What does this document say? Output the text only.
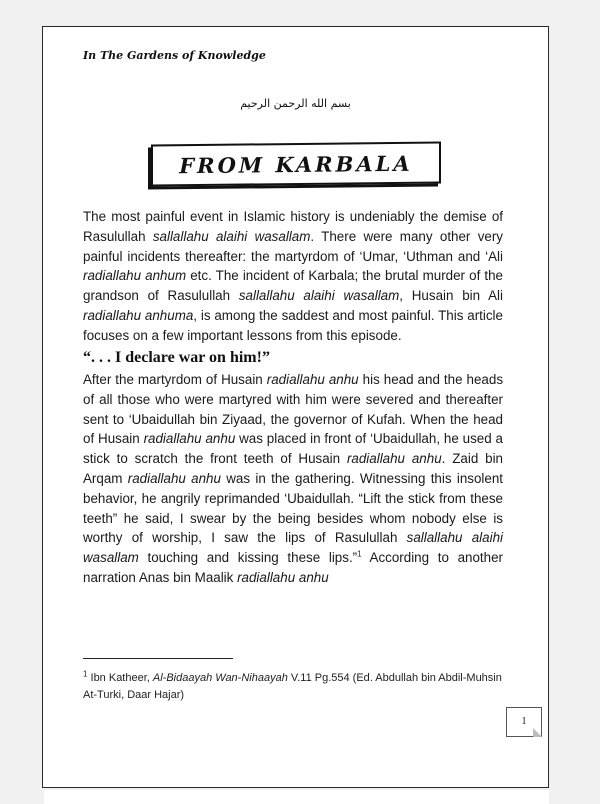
In The Gardens of Knowledge
بسم الله الرحمن الرحيم
FROM KARBALA

The most painful event in Islamic history is undeniably the demise of Rasulullah sallallahu alaihi wasallam. There were many other very painful incidents thereafter: the martyrdom of ‘Umar, ‘Uthman and ‘Ali radiallahu anhum etc. The incident of Karbala; the brutal murder of the grandson of Rasulullah sallallahu alaihi wasallam, Husain bin Ali radiallahu anhuma, is among the saddest and most painful. This article focuses on a few important lessons from this episode.

“. . . I declare war on him!”

After the martyrdom of Husain radiallahu anhu his head and the heads of all those who were martyred with him were severed and thereafter sent to ‘Ubaidullah bin Ziyaad, the governor of Kufah. When the head of Husain radiallahu anhu was placed in front of ‘Ubaidullah, he used a stick to scratch the front teeth of Husain radiallahu anhu. Zaid bin Arqam radiallahu anhu was in the gathering. Witnessing this insolent behavior, he angrily reprimanded ‘Ubaidullah. “Lift the stick from these teeth” he said, I swear by the being besides whom nobody else is worthy of worship, I saw the lips of Rasulullah sallallahu alaihi wasallam touching and kissing these lips.”$^1$ According to another narration Anas bin Maalik radiallahu anhu

$^1$ Ibn Katheer, Al-Bidaayah Wan-Nihaayah V.11 Pg.554 (Ed. Abdullah bin Abdil-Muhsin At-Turki, Daar Hajar)
1
